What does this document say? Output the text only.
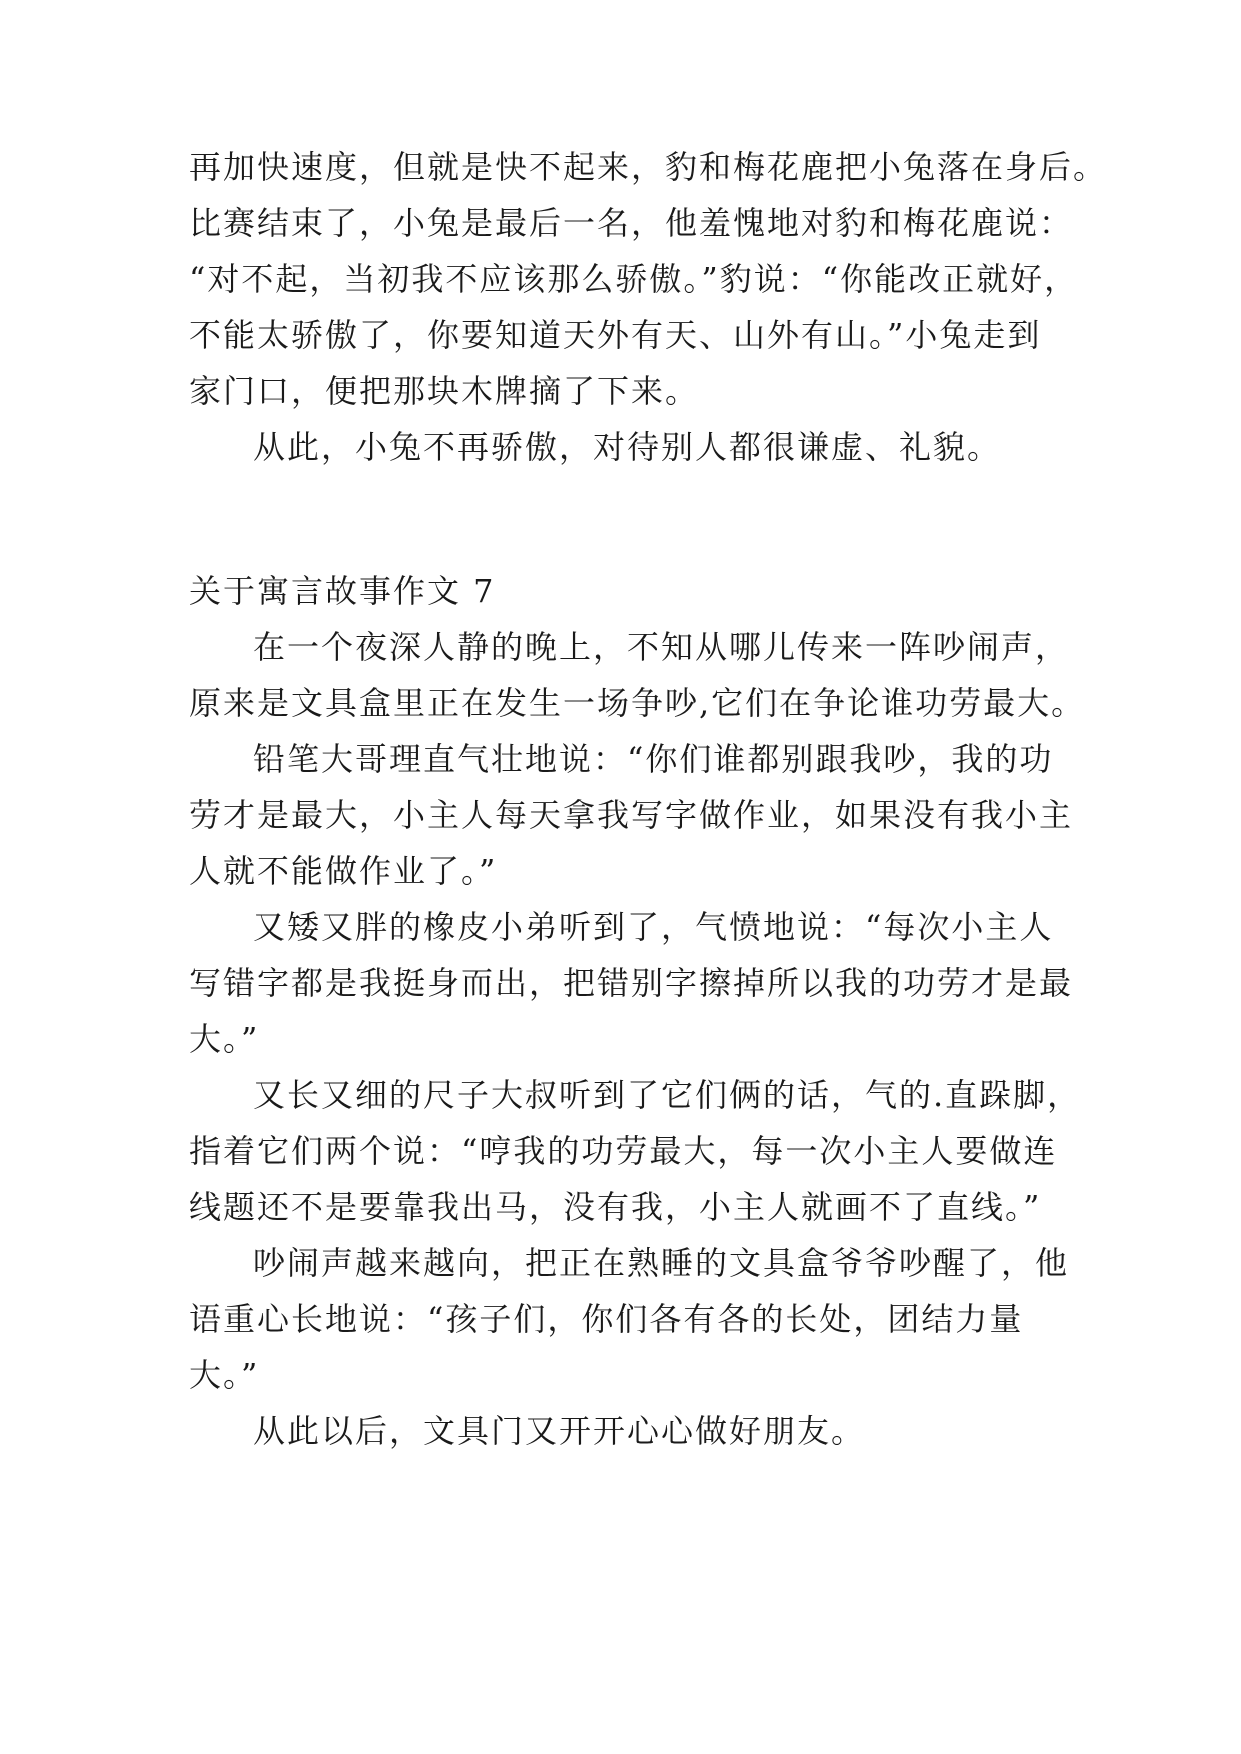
再加快速度，但就是快不起来，豹和梅花鹿把小兔落在身后。
比赛结束了，小兔是最后一名，他羞愧地对豹和梅花鹿说：
“对不起，当初我不应该那么骄傲。”豹说：“你能改正就好，
不能太骄傲了，你要知道天外有天、山外有山。”小兔走到
家门口，便把那块木牌摘了下来。
从此，小兔不再骄傲，对待别人都很谦虚、礼貌。
关于寓言故事作文 7
在一个夜深人静的晚上，不知从哪儿传来一阵吵闹声，
原来是文具盒里正在发生一场争吵,它们在争论谁功劳最大。
铅笔大哥理直气壮地说：“你们谁都别跟我吵，我的功
劳才是最大，小主人每天拿我写字做作业，如果没有我小主
人就不能做作业了。”
又矮又胖的橡皮小弟听到了，气愤地说：“每次小主人
写错字都是我挺身而出，把错别字擦掉所以我的功劳才是最
大。”
又长又细的尺子大叔听到了它们俩的话，气的.直跺脚，
指着它们两个说：“哼我的功劳最大，每一次小主人要做连
线题还不是要靠我出马，没有我，小主人就画不了直线。”
吵闹声越来越向，把正在熟睡的文具盒爷爷吵醒了，他
语重心长地说：“孩子们，你们各有各的长处，团结力量
大。”
从此以后，文具门又开开心心做好朋友。
